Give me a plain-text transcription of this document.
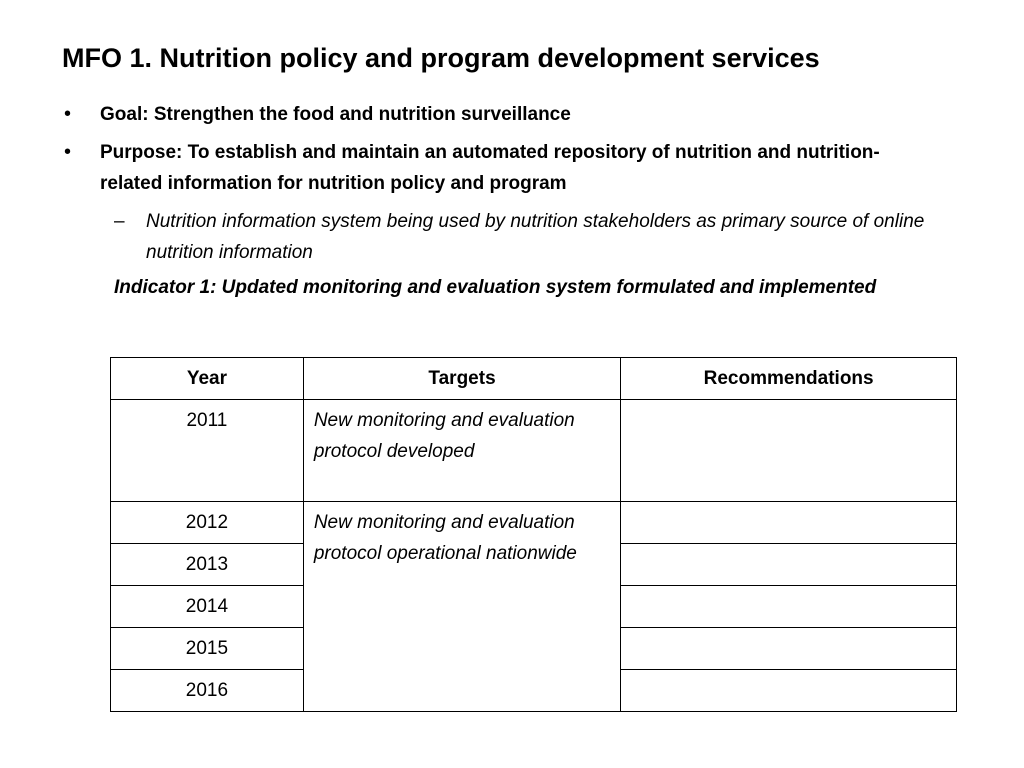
MFO 1. Nutrition policy and program development services
•	Goal: Strengthen the food and nutrition surveillance
•	Purpose: To establish and maintain an automated repository of nutrition and nutrition-related information for nutrition policy and program
–	Nutrition information system being used by nutrition stakeholders as primary source of online nutrition information
Indicator 1: Updated monitoring and evaluation system formulated and implemented
Year	Targets	Recommendations
2011	New monitoring and evaluation protocol developed	
2012	New monitoring and evaluation protocol operational nationwide	
2013		
2014		
2015		
2016		
